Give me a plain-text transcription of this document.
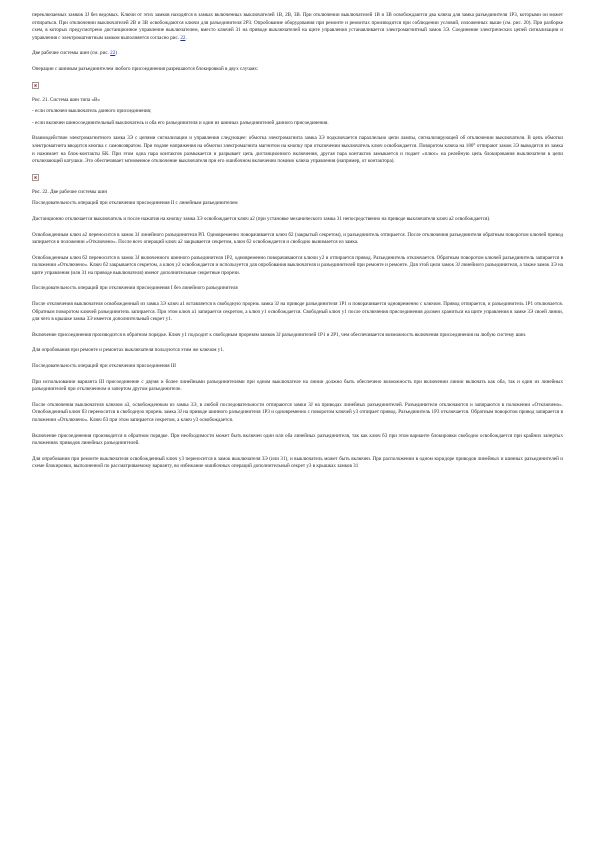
переключаемых замков 3J без ведомых. Ключи от этих замков находятся в замках включенных выключателей 1В, 2В, 3В. При отключении выключателей 1В и 3В освобождаются два ключа для замка разъединителя 1Р3, которыми он может отпираться. При отключении выключателей 2В и 3В освобождаются ключи для разъединителя 2Р3. Опробование оборудования при ремонте и ремонтах производится при соблюдении условий, изложенных выше (см. рис. 20). При разборке схем, в которых предусмотрено дистанционное управление выключателем, вместо ключей 31 на приводе выключателей на щите управления устанавливается электромагнитный замок 3Э. Соединение электрических цепей сигнализации и управления с электромагнитным замком выполняется согласно рис. 22.

Две рабочие системы шин (см. рис. 22)

Операции с шинным разъединителем любого присоединения разрешаются блокировкой в двух случаях:

Рис. 21. Система шин типа «В»

- если отключен выключатель данного присоединения;

- если включен шиносоединительный выключатель и оба его разъединителя и один из шинных разъединителей данного присоединения.

Взаимодействие электромагнитного замка 3Э с цепями сигнализации и управления следующее: обмотка электромагнита замка 3Э подключается параллельно цепи лампы, сигнализирующей об отключении выключателя. В цепь обмотки электромагнита вводится кнопка с самовозвратом. При подаче напряжения на обмотки электромагнита магнитом на кнопку при отключении выключатель ключ освобождается. Поворотом ключа на 180° отпирают замок 3Э выводится из замка и нажимает на блок-контакты БК. При этом одна пара контактов размыкается и разрывает цепь дистанционного включения, другая пара контактов замыкается и подает «плюс» на релейную цепь блокирования выключателя в цепи отключающей катушки. Это обеспечивает мгновенное отключение выключателя при его ошибочном включении помимо ключа управления (например, от контактора).

Рис. 22. Две рабочие системы шин

Последовательность операций при отключении присоединения II с линейным разъединителем

Дистанционно отключается выключатель и после нажатия на кнопку замка 3Э освобождается ключ а2 (при установке механического замка 31 непосредственно на приводе выключателя ключ а2 освобождается).

Освобожденным ключ а2 переносится в замок 3J линейного разъединителя РЛ. Одновременно поворачивается ключ б2 (закрытый секретом), и разъединитель отпирается. После отключения разъединителя обратным поворотом ключей привод запирается в положении «Отключено». После всех операций ключ а2 закрывается секретом, ключ б2 освобождается и свободно вынимается из замка.

Освобожденным ключ б2 переносится в замок 3J включенного шинного разъединителя 1Р2, одновременно поворачиваются ключи у2 и отпирается привод. Разъединитель отключается. Обратным поворотом ключей разъединитель запирается в положении «Отключено». Ключ б2 закрывается секретом, а ключ у2 освобождается и используется для опробования выключателя и разъединителей при ремонте и ремонте. Для этой цели замок 3J линейного разъединителя, а также замок 3Э на щите управления (или 31 на приводе выключателя) имеют дополнительные секретные прорези.

Последовательность операций при отключении присоединения I без линейного разъединителя

После отключения выключателя освобожденный из замка 3Э ключ а1 вставляется в свободную прорезь замка 3J на приводе разъединителя 1Р1 и поворачивается одновременно с ключом. Привод отпирается, и разъединитель 1Р1 отключается. Обратным поворотом ключей разъединитель запирается. При этом ключ а1 запирается секретом, а ключ у1 освобождается. Свободный ключ у1 после отключения присоединения должен храниться на щите управления в замке 3Э своей линии, для чего в крышке замка 3Э имеется дополнительный секрет у1.

Включение присоединения производится в обратном порядке. Ключ у1 подходит к свободным прорезям замков 3J разъединителей 1Р1 и 2Р1, чем обеспечивается возможность включения присоединения на любую систему шин.

Для опробования при ремонте и ремонтах выключателя пользуются этим же ключом у1.

Последовательность операций при отключении присоединения III

При использовании варианта III присоединение с двумя и более линейными разъединителями при одном выключателе на линии должно быть обеспечено возможность при включении линии включать как оба, так и один из линейных разъединителей при отключенном и запертом другом разъединителе.

После отключения выключателя ключом а3, освобожденным из замка 3Э, в любой последовательности отпираются замки 3J на приводах линейных разъединителей. Разъединители отключаются и запираются в положении «Отключено». Освобожденный ключ б3 переносится в свободную прорезь замка 3J на приводе шинного разъединителя 1Р3 и одновременно с поворотом ключей у3 отпирает привод. Разъединитель 1Р3 отключается. Обратным поворотом привод запирается в положении «Отключено». Ключ б3 при этом запирается секретом, а ключ у3 освобождается.

Включение присоединения производится в обратном порядке. При необходимости может быть включен один или оба линейных разъединителя, так как ключ б3 при этом варианте блокировки свободно освобождается при крайних запертых положениях приводов линейных разъединителей.

Для опробования при ремонте выключателя освобожденный ключ у3 переносится в замок выключателя 3Э (или 31), и выключатель может быть включен. При расположении в одном коридоре приводов линейных и шинных разъединителей и схеме блокировки, выполненной по рассматриваемому варианту, во избежание ошибочных операций дополнительный секрет у3 в крышках замков 31
